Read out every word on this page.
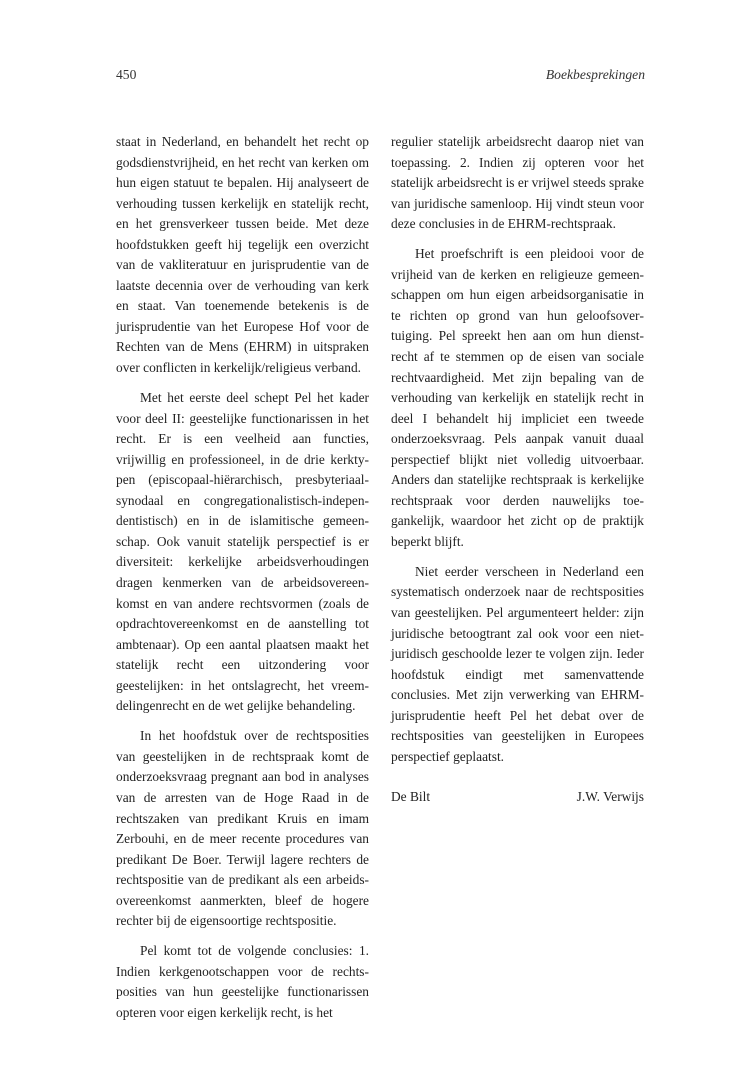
450	Boekbesprekingen

staat in Nederland, en behandelt het recht op godsdienstvrijheid, en het recht van kerken om hun eigen statuut te bepalen. Hij analyseert de verhouding tussen kerkelijk en statelijk recht, en het grensverkeer tussen beide. Met deze hoofdstukken geeft hij tegelijk een overzicht van de vakliteratuur en jurisprudentie van de laatste decennia over de verhouding van kerk en staat. Van toenemende betekenis is de jurisprudentie van het Europese Hof voor de Rechten van de Mens (EHRM) in uitspraken over conflicten in kerkelijk/religieus verband.

Met het eerste deel schept Pel het kader voor deel II: geestelijke functionarissen in het recht. Er is een veelheid aan functies, vrijwillig en professioneel, in de drie kerktypen (episcopaal-hiërarchisch, presbyteriaal-synodaal en congregationalistisch-independentistisch) en in de islamitische gemeenschap. Ook vanuit statelijk perspectief is er diversiteit: kerkelijke arbeidsverhoudingen dragen kenmerken van de arbeidsovereenkomst en van andere rechtsvormen (zoals de opdrachtovereenkomst en de aanstelling tot ambtenaar). Op een aantal plaatsen maakt het statelijk recht een uitzondering voor geestelijken: in het ontslagrecht, het vreemdelingenrecht en de wet gelijke behandeling.

In het hoofdstuk over de rechtsposities van geestelijken in de rechtspraak komt de onderzoeksvraag pregnant aan bod in analyses van de arresten van de Hoge Raad in de rechtszaken van predikant Kruis en imam Zerbouhi, en de meer recente procedures van predikant De Boer. Terwijl lagere rechters de rechtspositie van de predikant als een arbeidsovereenkomst aanmerkten, bleef de hogere rechter bij de eigensoortige rechtspositie.

Pel komt tot de volgende conclusies: 1. Indien kerkgenootschappen voor de rechtsposities van hun geestelijke functionarissen opteren voor eigen kerkelijk recht, is het

regulier statelijk arbeidsrecht daarop niet van toepassing. 2. Indien zij opteren voor het statelijk arbeidsrecht is er vrijwel steeds sprake van juridische samenloop. Hij vindt steun voor deze conclusies in de EHRM-rechtspraak.

Het proefschrift is een pleidooi voor de vrijheid van de kerken en religieuze gemeenschappen om hun eigen arbeidsorganisatie in te richten op grond van hun geloofsovertuiging. Pel spreekt hen aan om hun dienstrecht af te stemmen op de eisen van sociale rechtvaardigheid. Met zijn bepaling van de verhouding van kerkelijk en statelijk recht in deel I behandelt hij impliciet een tweede onderzoeksvraag. Pels aanpak vanuit duaal perspectief blijkt niet volledig uitvoerbaar. Anders dan statelijke rechtspraak is kerkelijke rechtspraak voor derden nauwelijks toegankelijk, waardoor het zicht op de praktijk beperkt blijft.

Niet eerder verscheen in Nederland een systematisch onderzoek naar de rechtsposities van geestelijken. Pel argumenteert helder: zijn juridische betoogtrant zal ook voor een niet-juridisch geschoolde lezer te volgen zijn. Ieder hoofdstuk eindigt met samenvattende conclusies. Met zijn verwerking van EHRM-jurisprudentie heeft Pel het debat over de rechtsposities van geestelijken in Europees perspectief geplaatst.

De Bilt	J.W. Verwijs
